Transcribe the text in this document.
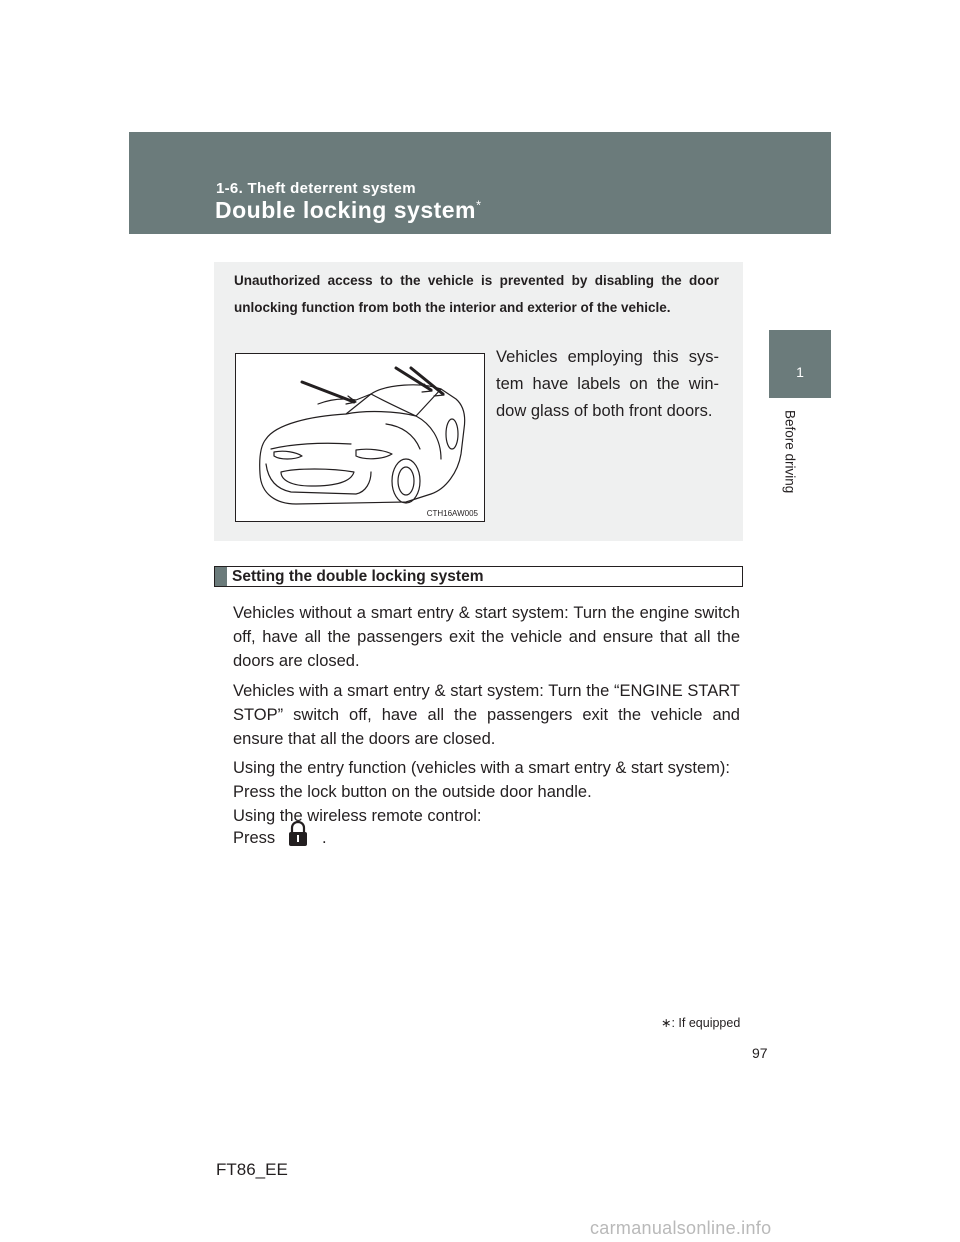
1-6. Theft deterrent system
Double locking system*
1
Before driving
Unauthorized access to the vehicle is prevented by disabling the door unlocking function from both the interior and exterior of the vehicle.
CTH16AW005
Vehicles employing this sys-tem have labels on the win-dow glass of both front doors.
Setting the double locking system
Vehicles without a smart entry & start system: Turn the engine switch off, have all the passengers exit the vehicle and ensure that all the doors are closed.
Vehicles with a smart entry & start system: Turn the “ENGINE START STOP” switch off, have all the passengers exit the vehicle and ensure that all the doors are closed.
Using the entry function (vehicles with a smart entry & start system): Press the lock button on the outside door handle.
Using the wireless remote control:
Press	.
∗: If equipped
97
FT86_EE
carmanualsonline.info
